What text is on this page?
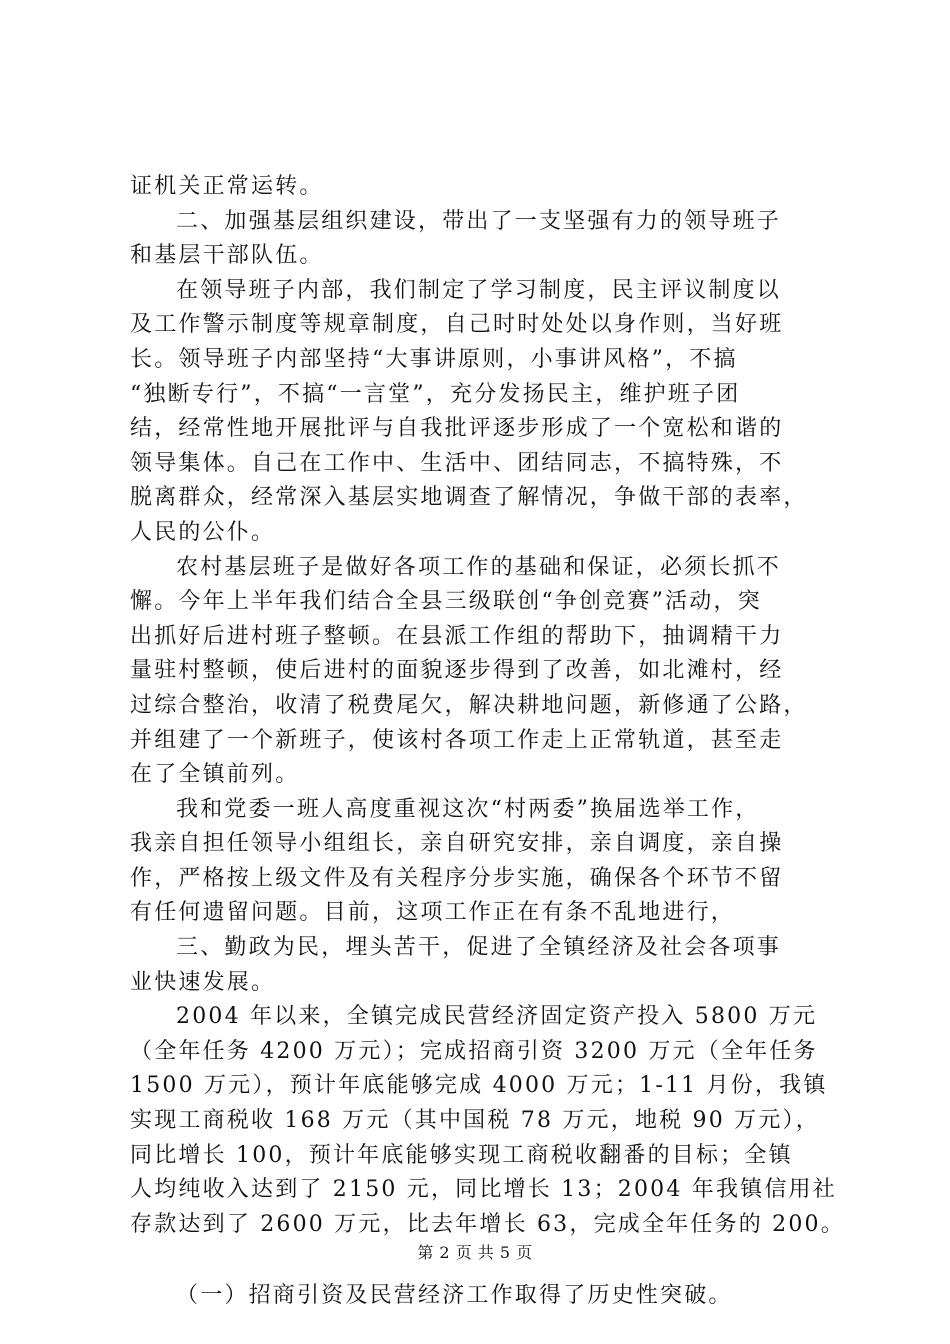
证机关正常运转。
二、加强基层组织建设，带出了一支坚强有力的领导班子
和基层干部队伍。
在领导班子内部，我们制定了学习制度，民主评议制度以
及工作警示制度等规章制度，自己时时处处以身作则，当好班
长。领导班子内部坚持“大事讲原则，小事讲风格”，不搞
“独断专行”，不搞“一言堂”，充分发扬民主，维护班子团
结，经常性地开展批评与自我批评逐步形成了一个宽松和谐的
领导集体。自己在工作中、生活中、团结同志，不搞特殊，不
脱离群众，经常深入基层实地调查了解情况，争做干部的表率，
人民的公仆。
农村基层班子是做好各项工作的基础和保证，必须长抓不
懈。今年上半年我们结合全县三级联创“争创竞赛”活动，突
出抓好后进村班子整顿。在县派工作组的帮助下，抽调精干力
量驻村整顿，使后进村的面貌逐步得到了改善，如北滩村，经
过综合整治，收清了税费尾欠，解决耕地问题，新修通了公路，
并组建了一个新班子，使该村各项工作走上正常轨道，甚至走
在了全镇前列。
我和党委一班人高度重视这次“村两委”换届选举工作，
我亲自担任领导小组组长，亲自研究安排，亲自调度，亲自操
作，严格按上级文件及有关程序分步实施，确保各个环节不留
有任何遗留问题。目前，这项工作正在有条不乱地进行，
三、勤政为民，埋头苦干，促进了全镇经济及社会各项事
业快速发展。
2004 年以来，全镇完成民营经济固定资产投入 5800 万元
（全年任务 4200 万元）；完成招商引资 3200 万元（全年任务
1500 万元），预计年底能够完成 4000 万元；1-11 月份，我镇
实现工商税收 168 万元（其中国税 78 万元，地税 90 万元），
同比增长 100，预计年底能够实现工商税收翻番的目标；全镇
人均纯收入达到了 2150 元，同比增长 13；2004 年我镇信用社
存款达到了 2600 万元，比去年增长 63，完成全年任务的 200。
（一）招商引资及民营经济工作取得了历史性突破。
第 2 页 共 5 页
